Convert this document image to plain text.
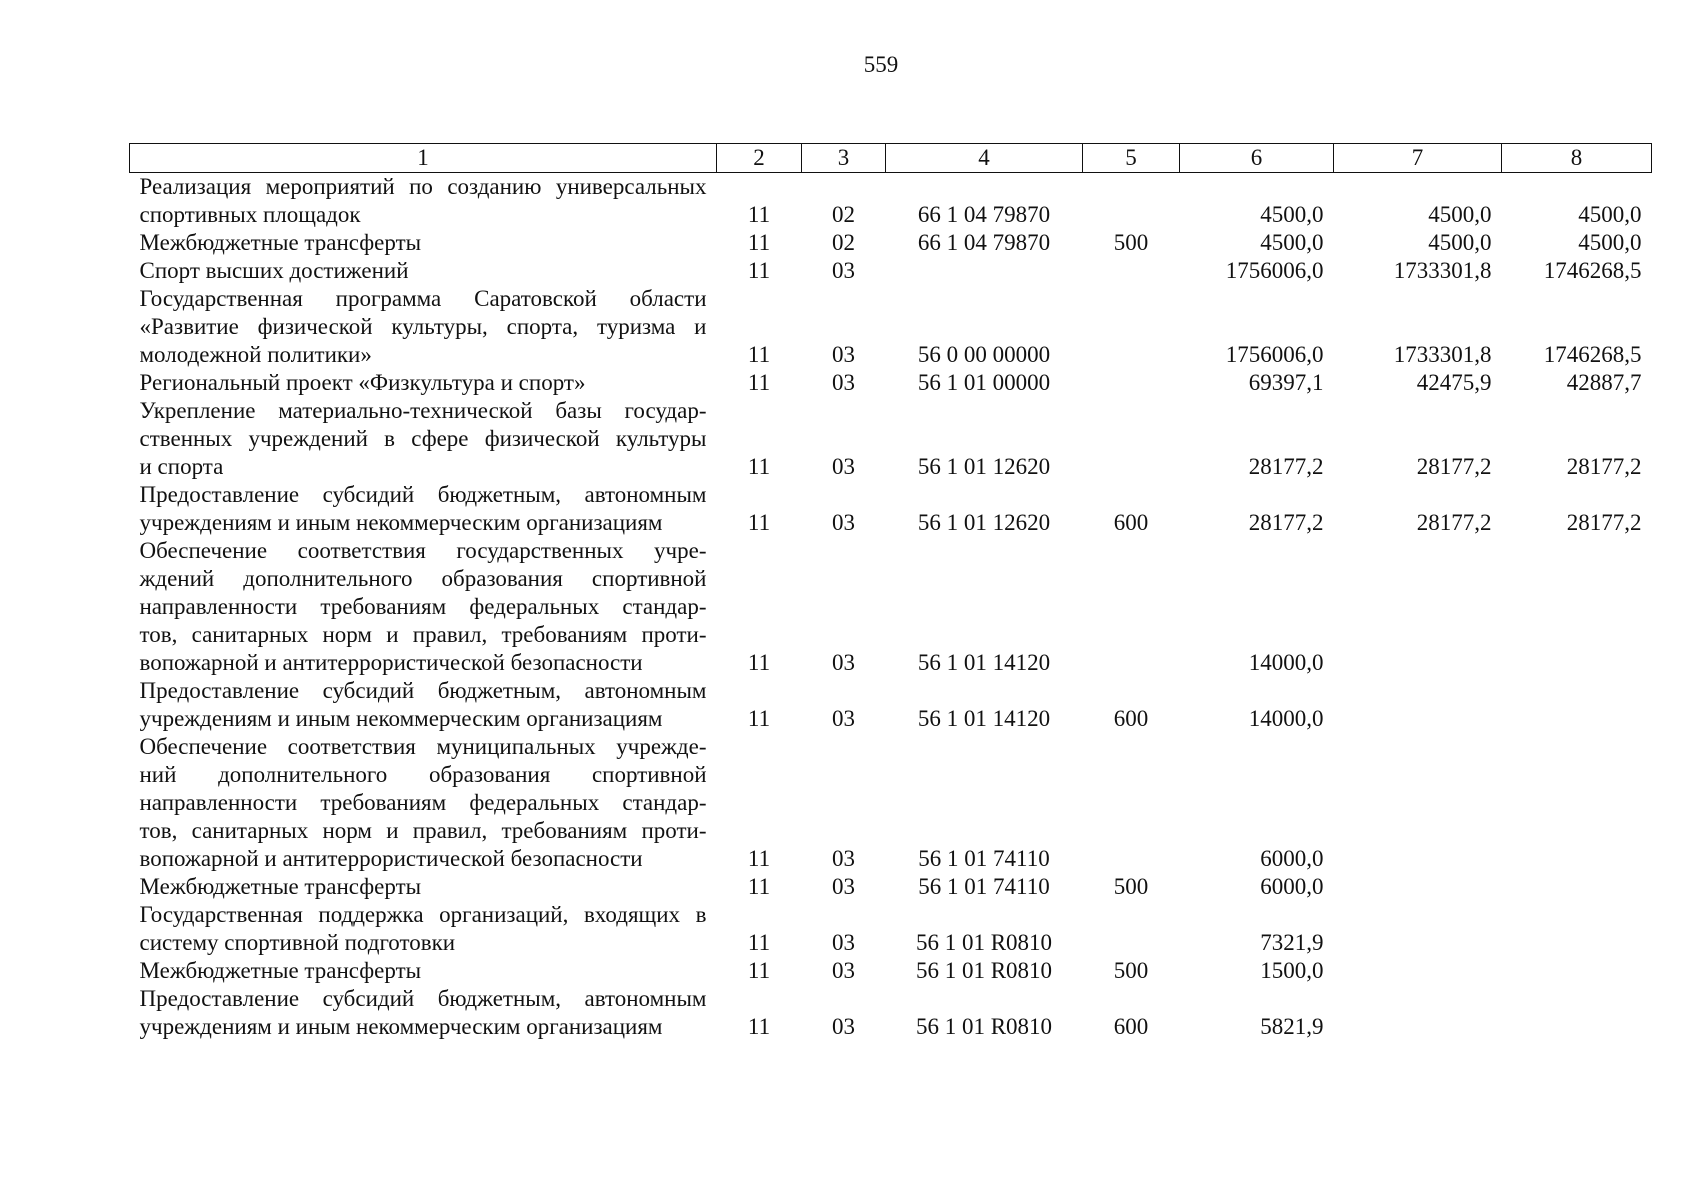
559
1	2	3	4	5	6	7	8

Реализация мероприятий по созданию универсальных
спортивных площадок	11	02	66 1 04 79870		4500,0	4500,0	4500,0

Межбюджетные трансферты	11	02	66 1 04 79870	500	4500,0	4500,0	4500,0

Спорт высших достижений	11	03			1756006,0	1733301,8	1746268,5

Государственная программа Саратовской области
«Развитие физической культуры, спорта, туризма и
молодежной политики»	11	03	56 0 00 00000		1756006,0	1733301,8	1746268,5

Региональный проект «Физкультура и спорт»	11	03	56 1 01 00000		69397,1	42475,9	42887,7

Укрепление материально-технической базы государ-
ственных учреждений в сфере физической культуры
и спорта	11	03	56 1 01 12620		28177,2	28177,2	28177,2

Предоставление субсидий бюджетным, автономным
учреждениям и иным некоммерческим организациям	11	03	56 1 01 12620	600	28177,2	28177,2	28177,2

Обеспечение соответствия государственных учре-
ждений дополнительного образования спортивной
направленности требованиям федеральных стандар-
тов, санитарных норм и правил, требованиям проти-
вопожарной и антитеррористической безопасности	11	03	56 1 01 14120		14000,0		

Предоставление субсидий бюджетным, автономным
учреждениям и иным некоммерческим организациям	11	03	56 1 01 14120	600	14000,0		

Обеспечение соответствия муниципальных учрежде-
ний дополнительного образования спортивной
направленности требованиям федеральных стандар-
тов, санитарных норм и правил, требованиям проти-
вопожарной и антитеррористической безопасности	11	03	56 1 01 74110		6000,0		

Межбюджетные трансферты	11	03	56 1 01 74110	500	6000,0		

Государственная поддержка организаций, входящих в
систему спортивной подготовки	11	03	56 1 01 R0810		7321,9		

Межбюджетные трансферты	11	03	56 1 01 R0810	500	1500,0		

Предоставление субсидий бюджетным, автономным
учреждениям и иным некоммерческим организациям	11	03	56 1 01 R0810	600	5821,9		
